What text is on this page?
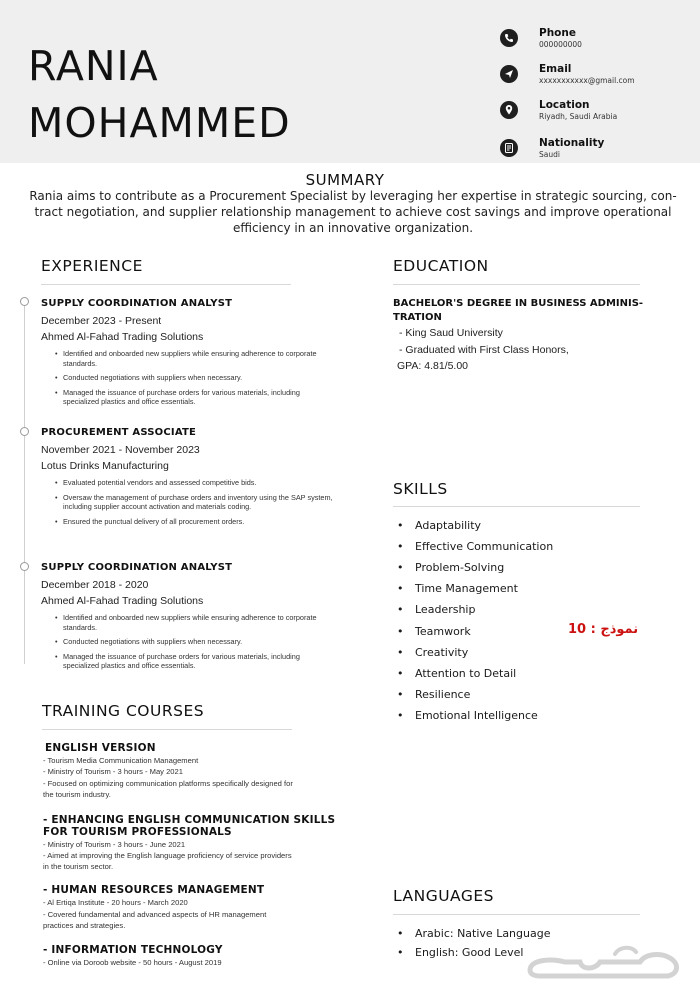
RANIA
MOHAMMED
Phone
000000000
Email
xxxxxxxxxxx@gmail.com
Location
Riyadh, Saudi Arabia
Nationality
Saudi
SUMMARY
Rania aims to contribute as a Procurement Specialist by leveraging her expertise in strategic sourcing, con-tract negotiation, and supplier relationship management to achieve cost savings and improve operational efficiency in an innovative organization.
EXPERIENCE
SUPPLY COORDINATION ANALYST
December 2023 - Present
Ahmed Al-Fahad Trading Solutions
• Identified and onboarded new suppliers while ensuring adherence to corporate standards.
• Conducted negotiations with suppliers when necessary.
• Managed the issuance of purchase orders for various materials, including specialized plastics and office essentials.
PROCUREMENT ASSOCIATE
November 2021 - November 2023
Lotus Drinks Manufacturing
• Evaluated potential vendors and assessed competitive bids.
• Oversaw the management of purchase orders and inventory using the SAP system, including supplier account activation and materials coding.
• Ensured the punctual delivery of all procurement orders.
SUPPLY COORDINATION ANALYST
December 2018 - 2020
Ahmed Al-Fahad Trading Solutions
• Identified and onboarded new suppliers while ensuring adherence to corporate standards.
• Conducted negotiations with suppliers when necessary.
• Managed the issuance of purchase orders for various materials, including specialized plastics and office essentials.
TRAINING COURSES
ENGLISH VERSION
- Tourism Media Communication Management
- Ministry of Tourism - 3 hours - May 2021
- Focused on optimizing communication platforms specifically designed for
the tourism industry.
- ENHANCING ENGLISH COMMUNICATION SKILLS
FOR TOURISM PROFESSIONALS
- Ministry of Tourism - 3 hours - June 2021
- Aimed at improving the English language proficiency of service providers
in the tourism sector.
- HUMAN RESOURCES MANAGEMENT
- Al Ertiqa Institute - 20 hours - March 2020
- Covered fundamental and advanced aspects of HR management
practices and strategies.
- INFORMATION TECHNOLOGY
- Online via Doroob website - 50 hours - August 2019
EDUCATION
BACHELOR'S DEGREE IN BUSINESS ADMINIS-
TRATION
- King Saud University
- Graduated with First Class Honors,
GPA: 4.81/5.00
SKILLS
• Adaptability
• Effective Communication
• Problem-Solving
• Time Management
• Leadership
• Teamwork
• Creativity
• Attention to Detail
• Resilience
• Emotional Intelligence
نموذج : 10
LANGUAGES
• Arabic: Native Language
• English: Good Level
